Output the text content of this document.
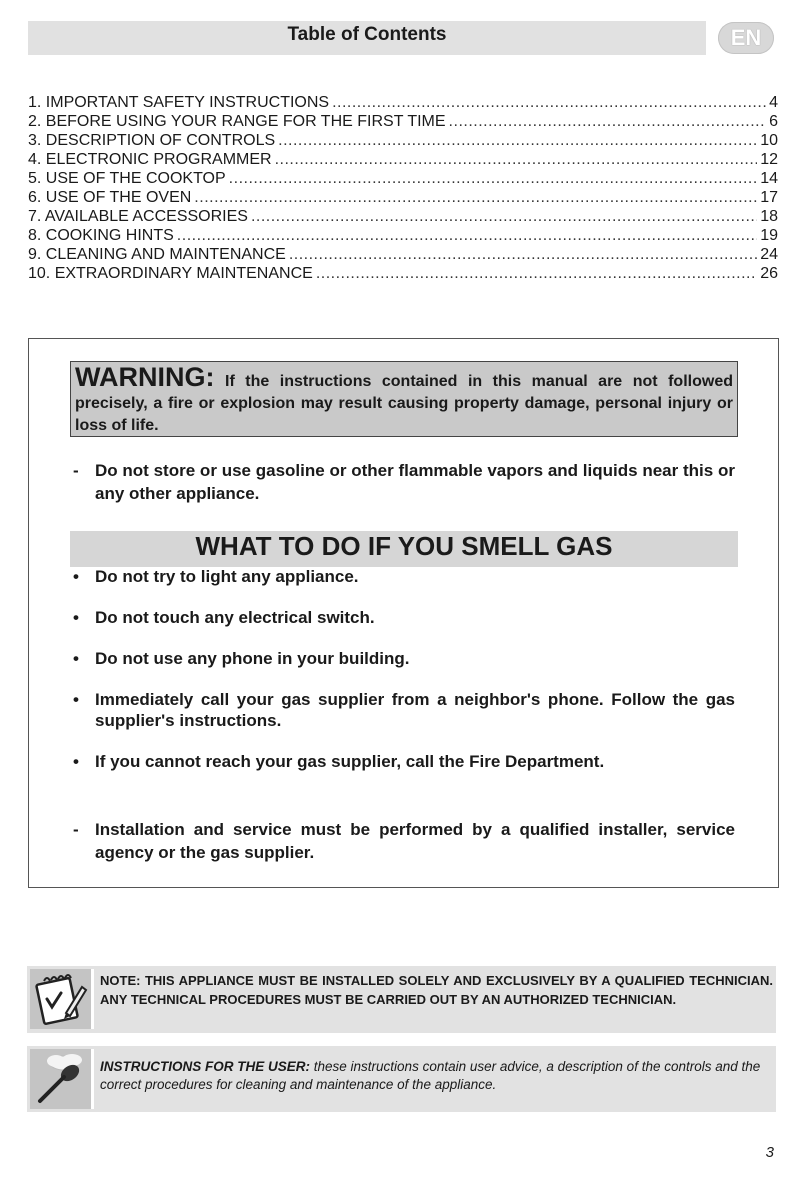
Table of Contents	EN
1. IMPORTANT SAFETY INSTRUCTIONS .....	4
2. BEFORE USING YOUR RANGE FOR THE FIRST TIME .....	6
3. DESCRIPTION OF CONTROLS .....	10
4. ELECTRONIC PROGRAMMER .....	12
5. USE OF THE COOKTOP .....	14
6. USE OF THE OVEN .....	17
7. AVAILABLE ACCESSORIES .....	18
8. COOKING HINTS .....	19
9. CLEANING AND MAINTENANCE .....	24
10. EXTRAORDINARY MAINTENANCE .....	26
WARNING: If the instructions contained in this manual are not followed precisely, a fire or explosion may result causing property damage, personal injury or loss of life.
- Do not store or use gasoline or other flammable vapors and liquids near this or any other appliance.
WHAT TO DO IF YOU SMELL GAS
• Do not try to light any appliance.
• Do not touch any electrical switch.
• Do not use any phone in your building.
• Immediately call your gas supplier from a neighbor's phone. Follow the gas supplier's instructions.
• If you cannot reach your gas supplier, call the Fire Department.
- Installation and service must be performed by a qualified installer, service agency or the gas supplier.
NOTE: THIS APPLIANCE MUST BE INSTALLED SOLELY AND EXCLUSIVELY BY A QUALIFIED TECHNICIAN. ANY TECHNICAL PROCEDURES MUST BE CARRIED OUT BY AN AUTHORIZED TECHNICIAN.
INSTRUCTIONS FOR THE USER: these instructions contain user advice, a description of the controls and the correct procedures for cleaning and maintenance of the appliance.
3
